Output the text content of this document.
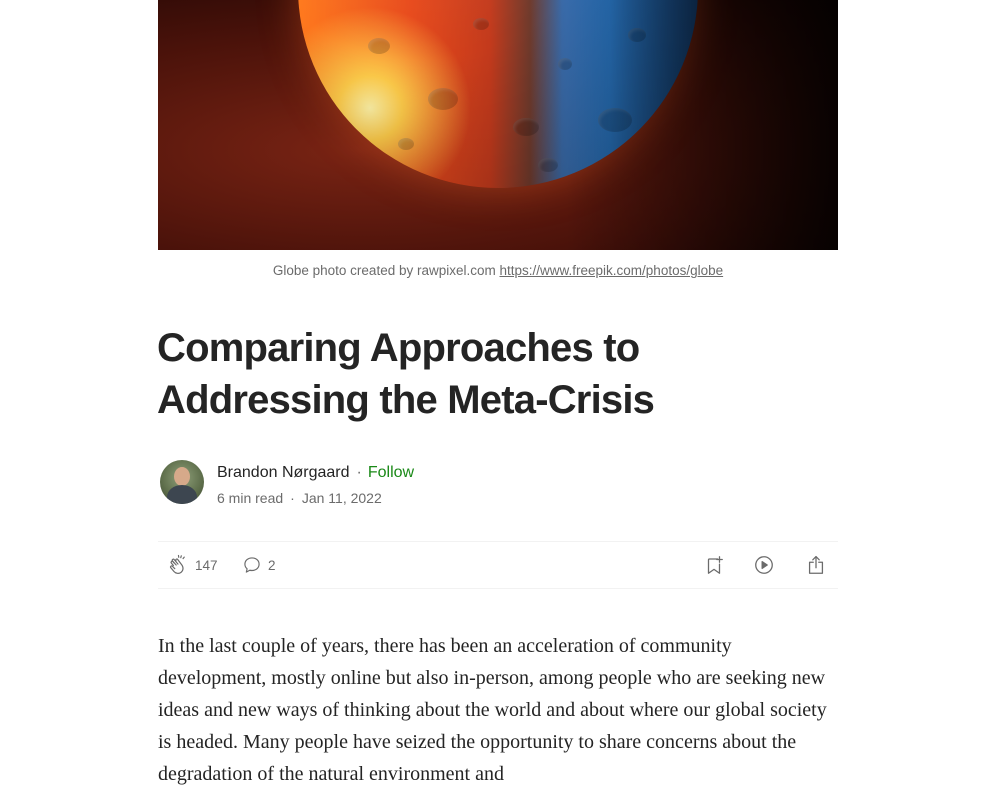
Globe photo created by rawpixel.com https://www.freepik.com/photos/globe
Comparing Approaches to Addressing the Meta-Crisis
Brandon Nørgaard · Follow
6 min read · Jan 11, 2022
147	2

In the last couple of years, there has been an acceleration of community development, mostly online but also in-person, among people who are seeking new ideas and new ways of thinking about the world and about where our global society is headed. Many people have seized the opportunity to share concerns about the degradation of the natural environment and
